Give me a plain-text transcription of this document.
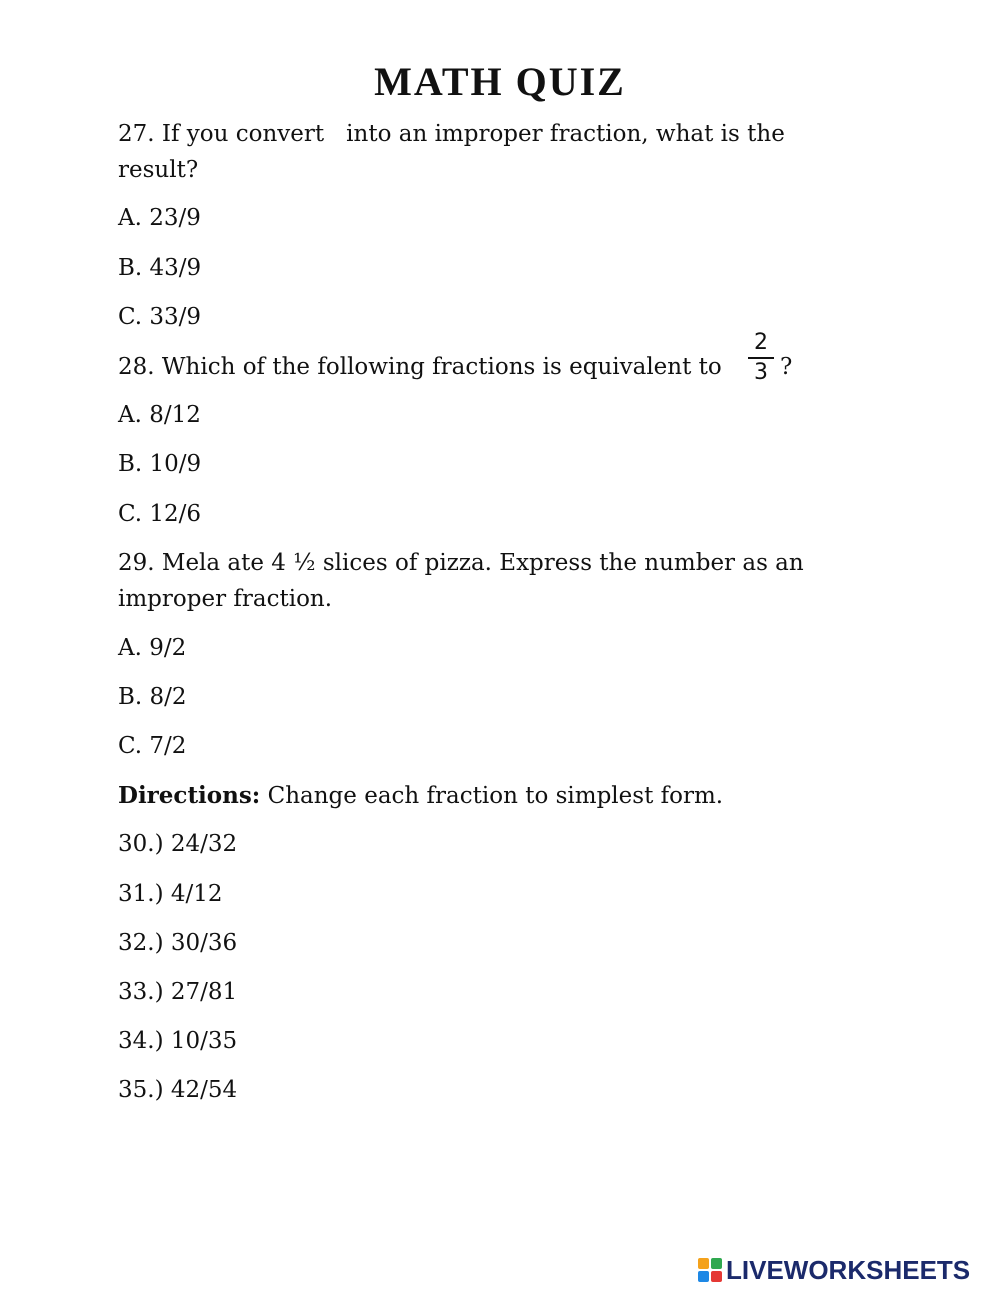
MATH QUIZ
27. If you convert into an improper fraction, what is the
result?
A. 23/9
B. 43/9
C. 33/9
28. Which of the following fractions is equivalent to
2
3 ?
A. 8/12
B. 10/9
C. 12/6
29. Mela ate 4 ½ slices of pizza. Express the number as an
improper fraction.
A. 9/2
B. 8/2
C. 7/2
Directions: Change each fraction to simplest form.
30.) 24/32
31.) 4/12
32.) 30/36
33.) 27/81
34.) 10/35
35.) 42/54
LIVEWORKSHEETS
